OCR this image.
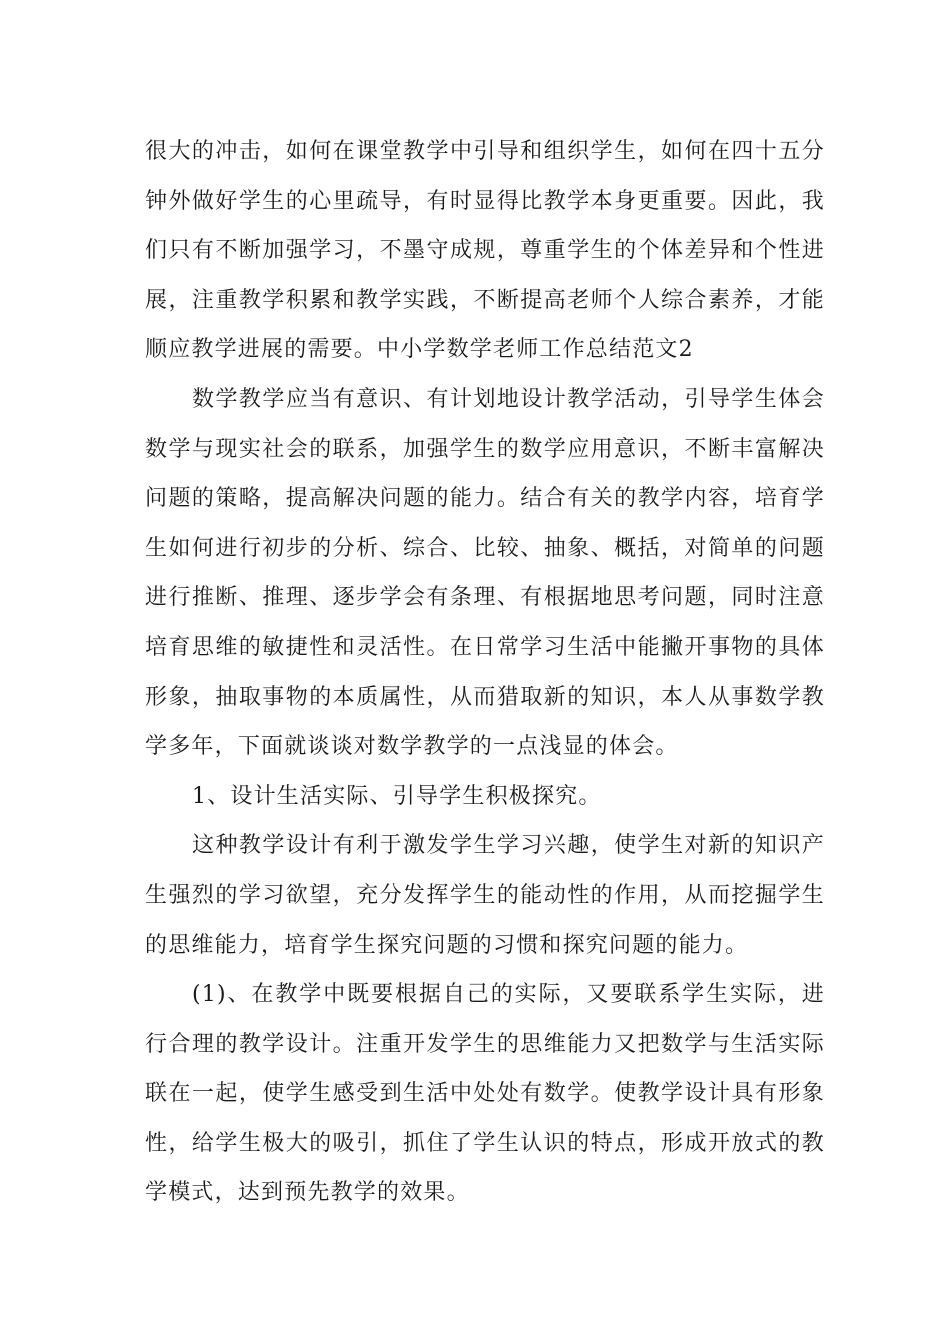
很大的冲击，如何在课堂教学中引导和组织学生，如何在四十五分钟外做好学生的心里疏导，有时显得比教学本身更重要。因此，我们只有不断加强学习，不墨守成规，尊重学生的个体差异和个性进展，注重教学积累和教学实践，不断提高老师个人综合素养，才能顺应教学进展的需要。中小学数学老师工作总结范文2

数学教学应当有意识、有计划地设计教学活动，引导学生体会数学与现实社会的联系，加强学生的数学应用意识，不断丰富解决问题的策略，提高解决问题的能力。结合有关的教学内容，培育学生如何进行初步的分析、综合、比较、抽象、概括，对简单的问题进行推断、推理、逐步学会有条理、有根据地思考问题，同时注意培育思维的敏捷性和灵活性。在日常学习生活中能撇开事物的具体形象，抽取事物的本质属性，从而猎取新的知识，本人从事数学教学多年，下面就谈谈对数学教学的一点浅显的体会。

1、设计生活实际、引导学生积极探究。

这种教学设计有利于激发学生学习兴趣，使学生对新的知识产生强烈的学习欲望，充分发挥学生的能动性的作用，从而挖掘学生的思维能力，培育学生探究问题的习惯和探究问题的能力。

(1)、在教学中既要根据自己的实际，又要联系学生实际，进行合理的教学设计。注重开发学生的思维能力又把数学与生活实际联在一起，使学生感受到生活中处处有数学。使教学设计具有形象性，给学生极大的吸引，抓住了学生认识的特点，形成开放式的教学模式，达到预先教学的效果。
